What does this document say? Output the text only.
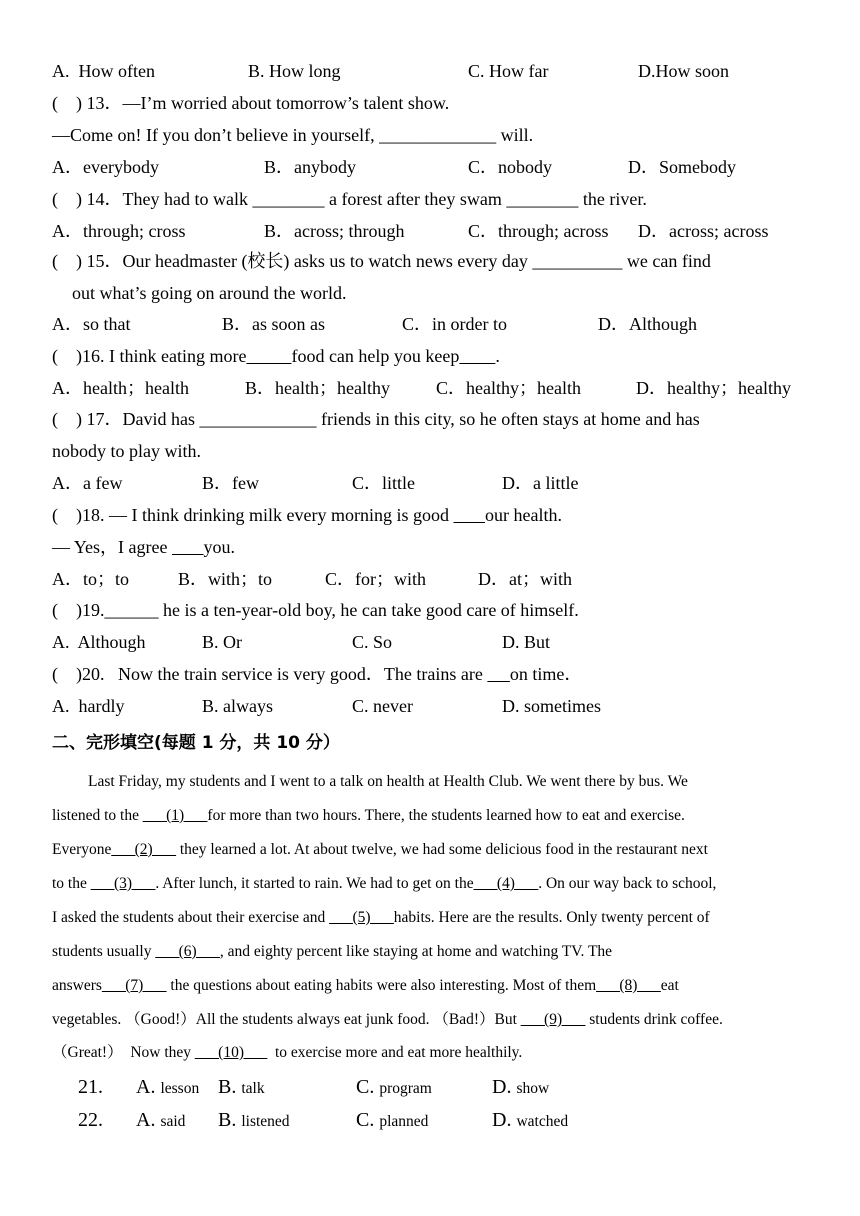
A.  How often	B. How long	C. How far	D.How soon
(    ) 13．—I’m worried about tomorrow’s talent show.
—Come on! If you don’t believe in yourself, _____________ will.
A．everybody	B．anybody	C．nobody	D．Somebody
(    ) 14．They had to walk ________ a forest after they swam ________ the river.
A．through; cross	B．across; through	C．through; across D．across; across
(    ) 15．Our headmaster (校长) asks us to watch news every day __________ we can find
out what’s going on around the world.
A．so that	B．as soon as	C．in order to	D．Although
(    )16. I think eating more	food can help you keep .
A．health；health	B．health；healthy	C．healthy；health	D．healthy；healthy
(    ) 17．David has _____________ friends in this city, so he often stays at home and has
nobody to play with.
A．a few	B．few	C．little	D．a little
(    )18. — I think drinking milk every morning is good        our health.
— Yes，I agree        you.
A．to；to	B．with；to	C．for；with	D．at；with
(    )19.______ he is a ten-year-old boy, he can take good care of himself.
A.  Although	B. Or	C. So	D. But
(    )20.   Now the train service is very good．The trains are      on time．
A.  hardly	B. always	C. never	D. sometimes
二、完形填空(每题 1 分，共 10 分）
Last Friday, my students and I went to a talk on health at Health Club. We went there by bus. We
listened to the ___(1)___for more than two hours. There, the students learned how to eat and exercise.
Everyone___(2)___ they learned a lot. At about twelve, we had some delicious food in the restaurant next
to the ___(3)___. After lunch, it started to rain. We had to get on the___(4)___. On our way back to school,
I asked the students about their exercise and ___(5)___habits. Here are the results. Only twenty percent of
students usually ___(6)___, and eighty percent like staying at home and watching TV. The
answers___(7)___ the questions about eating habits were also interesting. Most of them___(8)___eat
vegetables. （Good!）All the students always eat junk food. （Bad!）But ___(9)___ students drink coffee.
（Great!）  Now they ___(10)___  to exercise more and eat more healthily.
21. A. lesson B. talk	C. program	D. show
22. A. said B. listened	C. planned	D. watched
